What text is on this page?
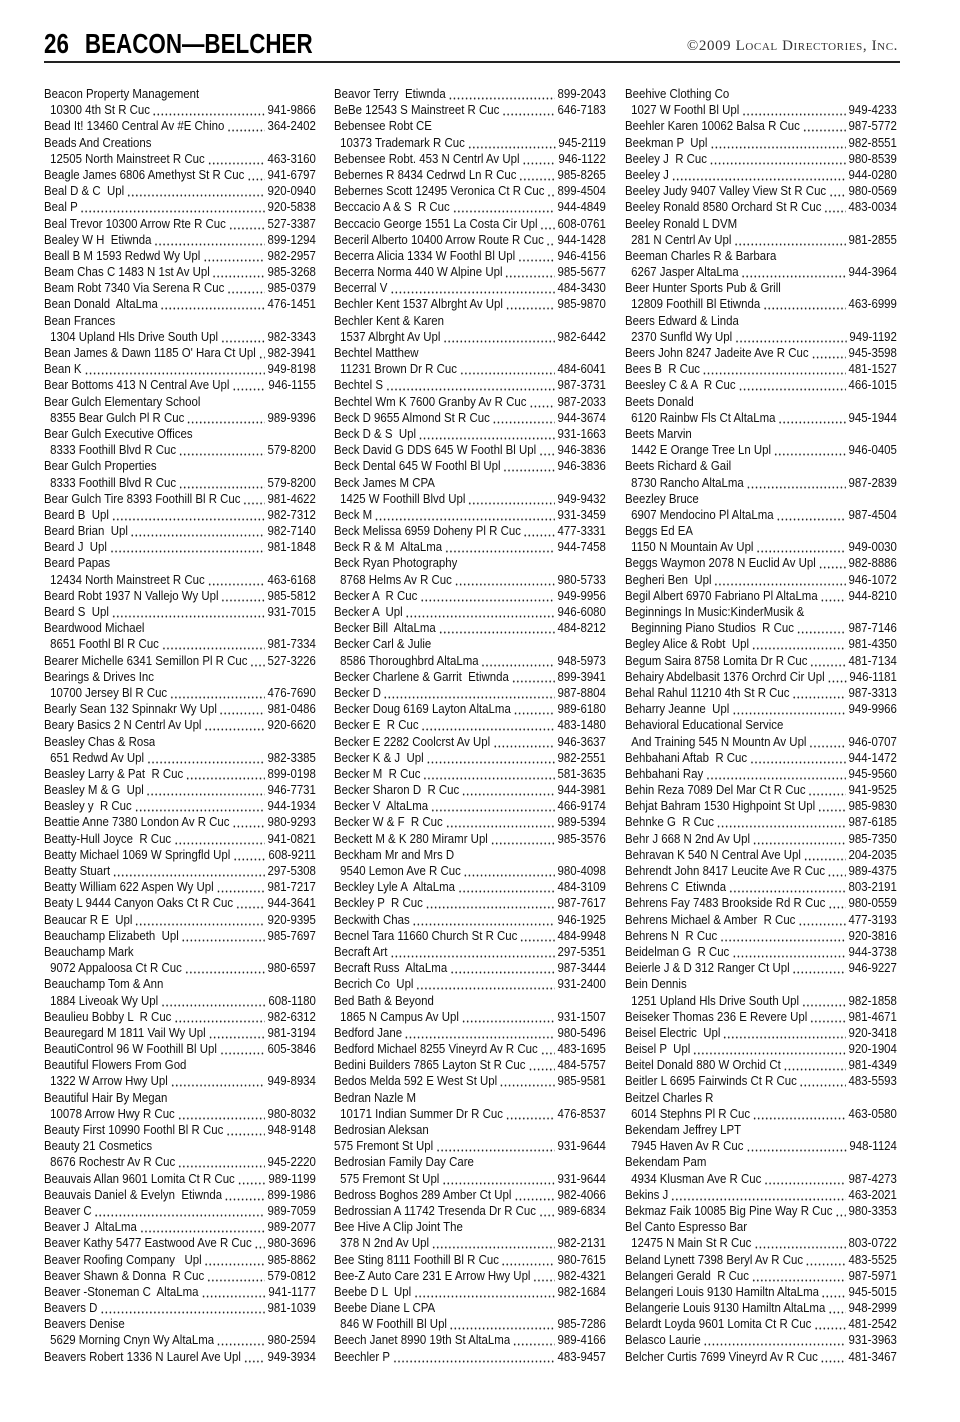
26 BEACON—BELCHER	©2009 Local Directories, Inc.
Beacon Property Management
10300 4th St R Cuc	941-9866
Bead It! 13460 Central Av #E Chino	364-2402
Beads And Creations
12505 North Mainstreet R Cuc	463-3160
Beagle James 6806 Amethyst St R Cuc 941-6797
Beal D & C  Upl	920-0940
Beal P	920-5838
Beal Trevor 10300 Arrow Rte R Cuc	527-3387
Bealey W H  Etiwnda	899-1294
Beall B M 1593 Redwd Wy Upl	982-2957
Beam Chas C 1483 N 1st Av Upl	985-3268
Beam Robt 7340 Via Serena R Cuc	985-0379
Bean Donald  AltaLma	476-1451
Bean Frances
1304 Upland Hls Drive South Upl	982-3343
Bean James & Dawn 1185 O' Hara Ct Upl 982-3941
Bean K	949-8198
Bear Bottoms 413 N Central Ave Upl	946-1155
Bear Gulch Elementary School
8355 Bear Gulch Pl R Cuc	989-9396
Bear Gulch Executive Offices
8333 Foothill Blvd R Cuc	579-8200
Bear Gulch Properties
8333 Foothill Blvd R Cuc	579-8200
Bear Gulch Tire 8393 Foothill Bl R Cuc 981-4622
Beard B  Upl	982-7312
Beard Brian  Upl	982-7140
Beard J  Upl	981-1848
Beard Papas
12434 North Mainstreet R Cuc	463-6168
Beard Robt 1937 N Vallejo Wy Upl	985-5812
Beard S  Upl	931-7015
Beardwood Michael
8651 Foothl Bl R Cuc	981-7334
Bearer Michelle 6341 Semillon Pl R Cuc 527-3226
Bearings & Drives Inc
10700 Jersey Bl R Cuc	476-7690
Bearly Sean 132 Spinnakr Wy Upl	981-0486
Beary Basics 2 N Centrl Av Upl	920-6620
Beasley Chas & Rosa
651 Redwd Av Upl	982-3385
Beasley Larry & Pat  R Cuc	899-0198
Beasley M & G  Upl	946-7731
Beasley y  R Cuc	944-1934
Beattie Anne 7380 London Av R Cuc	980-9293
Beatty-Hull Joyce  R Cuc	941-0821
Beatty Michael 1069 W Springfld Upl	608-9211
Beatty Stuart	297-5308
Beatty William 622 Aspen Wy Upl	981-7217
Beaty L 9444 Canyon Oaks Ct R Cuc	944-3641
Beaucar R E  Upl	920-9395
Beauchamp Elizabeth  Upl	985-7697
Beauchamp Mark
9072 Appaloosa Ct R Cuc	980-6597
Beauchamp Tom & Ann
1884 Liveoak Wy Upl	608-1180
Beaulieu Bobby L  R Cuc	982-6312
Beauregard M 1811 Vail Wy Upl	981-3194
BeautiControl 96 W Foothill Bl Upl	605-3846
Beautiful Flowers From God
1322 W Arrow Hwy Upl	949-8934
Beautiful Hair By Megan
10078 Arrow Hwy R Cuc	980-8032
Beauty First 10990 Foothl Bl R Cuc	948-9148
Beauty 21 Cosmetics
8676 Rochestr Av R Cuc	945-2220
Beauvais Allan 9601 Lomita Ct R Cuc	989-1199
Beauvais Daniel & Evelyn  Etiwnda	899-1986
Beaver C	989-7059
Beaver J  AltaLma	989-2077
Beaver Kathy 5477 Eastwood Ave R Cuc 980-3696
Beaver Roofing Company   Upl	985-8862
Beaver Shawn & Donna  R Cuc	579-0812
Beaver -Stoneman C  AltaLma	941-1177
Beavers D	981-1039
Beavers Denise
5629 Morning Cnyn Wy AltaLma	980-2594
Beavers Robert 1336 N Laurel Ave Upl 949-3934
Beavor Terry  Etiwnda	899-2043
BeBe 12543 S Mainstreet R Cuc	646-7183
Bebensee Robt CE
10373 Trademark R Cuc	945-2119
Bebensee Robt. 453 N Centrl Av Upl	946-1122
Bebernes R 8434 Cedrwd Ln R Cuc	985-8265
Bebernes Scott 12495 Veronica Ct R Cuc 899-4504
Beccacio A & S  R Cuc	944-4849
Beccacio George 1551 La Costa Cir Upl 608-0761
Beceril Alberto 10400 Arrow Route R Cuc 944-1428
Becerra Alicia 1334 W Foothl Bl Upl	946-4156
Becerra Norma 440 W Alpine Upl	985-5677
Becerral V	484-3430
Bechler Kent 1537 Albrght Av Upl	985-9870
Bechler Kent & Karen
1537 Albrght Av Upl	982-6442
Bechtel Matthew
11231 Brown Dr R Cuc	484-6041
Bechtel S	987-3731
Bechtel Wm K 7600 Granby Av R Cuc 987-2033
Beck D 9655 Almond St R Cuc	944-3674
Beck D & S  Upl	931-1663
Beck David G DDS 645 W Foothl Bl Upl 946-3836
Beck Dental 645 W Foothl Bl Upl	946-3836
Beck James M CPA
1425 W Foothill Blvd Upl	949-9432
Beck M	931-3459
Beck Melissa 6959 Doheny Pl R Cuc	477-3331
Beck R & M  AltaLma	944-7458
Beck Ryan Photography
8768 Helms Av R Cuc	980-5733
Becker A  R Cuc	949-9956
Becker A  Upl	946-6080
Becker Bill  AltaLma	484-8212
Becker Carl & Julie
8586 Thoroughbrd AltaLma	948-5973
Becker Charlene & Garrit  Etiwnda	899-3941
Becker D	987-8804
Becker Doug 6169 Layton AltaLma	989-6180
Becker E  R Cuc	483-1480
Becker E 2282 Coolcrst Av Upl	946-3637
Becker K & J  Upl	982-2551
Becker M  R Cuc	581-3635
Becker Sharon D  R Cuc	944-3981
Becker V  AltaLma	466-9174
Becker W & F  R Cuc	989-5394
Beckett M & K 280 Miramr Upl	985-3576
Beckham Mr and Mrs D
9540 Lemon Ave R Cuc	980-4098
Beckley Lyle A  AltaLma	484-3109
Beckley P  R Cuc	987-7617
Beckwith Chas	946-1925
Becnel Tara 11660 Church St R Cuc	484-9948
Becraft Art	297-5351
Becraft Russ  AltaLma	987-3444
Becrich Co  Upl	931-2400
Bed Bath & Beyond
1865 N Campus Av Upl	931-1507
Bedford Jane	980-5496
Bedford Michael 8255 Vineyrd Av R Cuc 483-1695
Bedini Builders 7865 Layton St R Cuc 484-5757
Bedos Melda 592 E West St Upl	985-9581
Bedran Nazle M
10171 Indian Summer Dr R Cuc	476-8537
Bedrosian Aleksan
575 Fremont St Upl	931-9644
Bedrosian Family Day Care
575 Fremont St Upl	931-9644
Bedross Boghos 289 Amber Ct Upl	982-4066
Bedrossian A 11742 Tresenda Dr R Cuc 989-6834
Bee Hive A Clip Joint The
378 N 2nd Av Upl	982-2131
Bee Sting 8111 Foothill Bl R Cuc	980-7615
Bee-Z Auto Care 231 E Arrow Hwy Upl 982-4321
Beebe D L  Upl	982-1684
Beebe Diane L CPA
846 W Foothill Bl Upl	985-7286
Beech Janet 8990 19th St AltaLma	989-4166
Beechler P	483-9457
Beehive Clothing Co
1027 W Foothl Bl Upl	949-4233
Beehler Karen 10062 Balsa R Cuc	987-5772
Beekman P  Upl	982-8551
Beeley J  R Cuc	980-8539
Beeley J	944-0280
Beeley Judy 9407 Valley View St R Cuc 980-0569
Beeley Ronald 8580 Orchard St R Cuc 483-0034
Beeley Ronald L DVM
281 N Centrl Av Upl	981-2855
Beeman Charles R & Barbara
6267 Jasper AltaLma	944-3964
Beer Hunter Sports Pub & Grill
12809 Foothill Bl Etiwnda	463-6999
Beers Edward & Linda
2370 Sunfld Wy Upl	949-1192
Beers John 8247 Jadeite Ave R Cuc	945-3598
Bees B  R Cuc	481-1527
Beesley C & A  R Cuc	466-1015
Beets Donald
6120 Rainbw Fls Ct AltaLma	945-1944
Beets Marvin
1442 E Orange Tree Ln Upl	946-0405
Beets Richard & Gail
8730 Rancho AltaLma	987-2839
Beezley Bruce
6907 Mendocino Pl AltaLma	987-4504
Beggs Ed EA
1150 N Mountain Av Upl	949-0030
Beggs Waymon 2078 N Euclid Av Upl	982-8886
Begheri Ben  Upl	946-1072
Begil Albert 6970 Fabriano Pl AltaLma 944-8210
Beginnings In Music:KinderMusik &
Beginning Piano Studios  R Cuc	987-7146
Begley Alice & Robt  Upl	981-4350
Begum Saira 8758 Lomita Dr R Cuc	481-7134
Behairy Abdelbasit 1376 Orchrd Cir Upl 946-1181
Behal Rahul 11210 4th St R Cuc	987-3313
Beharry Jeanne  Upl	949-9966
Behavioral Educational Service
And Training 545 N Mountn Av Upl	946-0707
Behbahani Aftab  R Cuc	944-1472
Behbahani Ray	945-9560
Behin Reza 7089 Del Mar Ct R Cuc	941-9525
Behjat Bahram 1530 Highpoint St Upl	985-9830
Behnke G  R Cuc	987-6185
Behr J 668 N 2nd Av Upl	985-7350
Behravan K 540 N Central Ave Upl	204-2035
Behrendt John 8417 Leucite Ave R Cuc 989-4375
Behrens C  Etiwnda	803-2191
Behrens Fay 7483 Brookside Rd R Cuc 980-0559
Behrens Michael & Amber  R Cuc	477-3193
Behrens N  R Cuc	920-3816
Beidelman G  R Cuc	944-3738
Beierle J & D 312 Ranger Ct Upl	946-9227
Bein Dennis
1251 Upland Hls Drive South Upl	982-1858
Beiseker Thomas 236 E Revere Upl	981-4671
Beisel Electric  Upl	920-3418
Beisel P  Upl	920-1904
Beitel Donald 880 W Orchid Ct	981-4349
Beitler L 6695 Fairwinds Ct R Cuc	483-5593
Beitzel Charles R
6014 Stephns Pl R Cuc	463-0580
Bekendam Jeffrey LPT
7945 Haven Av R Cuc	948-1124
Bekendam Pam
4934 Klusman Ave R Cuc	987-4273
Bekins J	463-2021
Bekmaz Faik 10085 Big Pine Way R Cuc 980-3353
Bel Canto Espresso Bar
12475 N Main St R Cuc	803-0722
Beland Lynett 7398 Beryl Av R Cuc	483-5525
Belangeri Gerald  R Cuc	987-5971
Belangeri Louis 9130 Hamiltn AltaLma 945-5015
Belangerie Louis 9130 Hamiltn AltaLma 948-2999
Belardt Loyda 9601 Lomita Ct R Cuc	481-2542
Belasco Laurie	931-3963
Belcher Curtis 7699 Vineyrd Av R Cuc 481-3467
